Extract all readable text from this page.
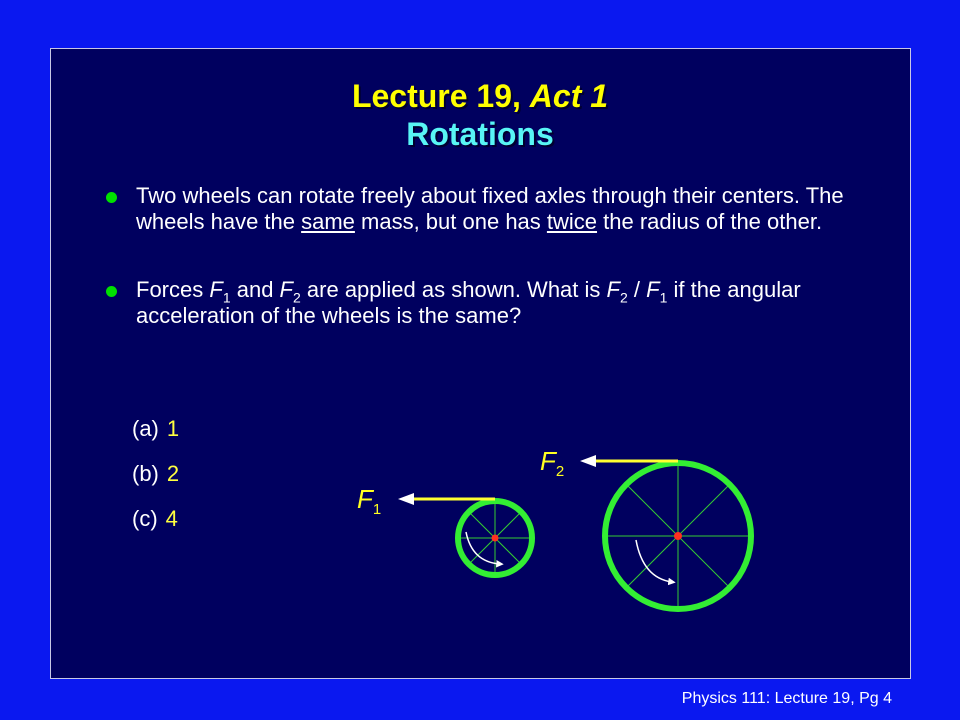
Lecture 19, Act 1
Rotations
Two wheels can rotate freely about fixed axles through their centers. The wheels have the same mass, but one has twice the radius of the other.
Forces $F_1$ and $F_2$ are applied as shown. What is $F_2 / F_1$ if the angular acceleration of the wheels is the same?
(a) 1
(b) 2
(c) 4
$F_1$
$F_2$
Physics 111: Lecture 19, Pg 4
